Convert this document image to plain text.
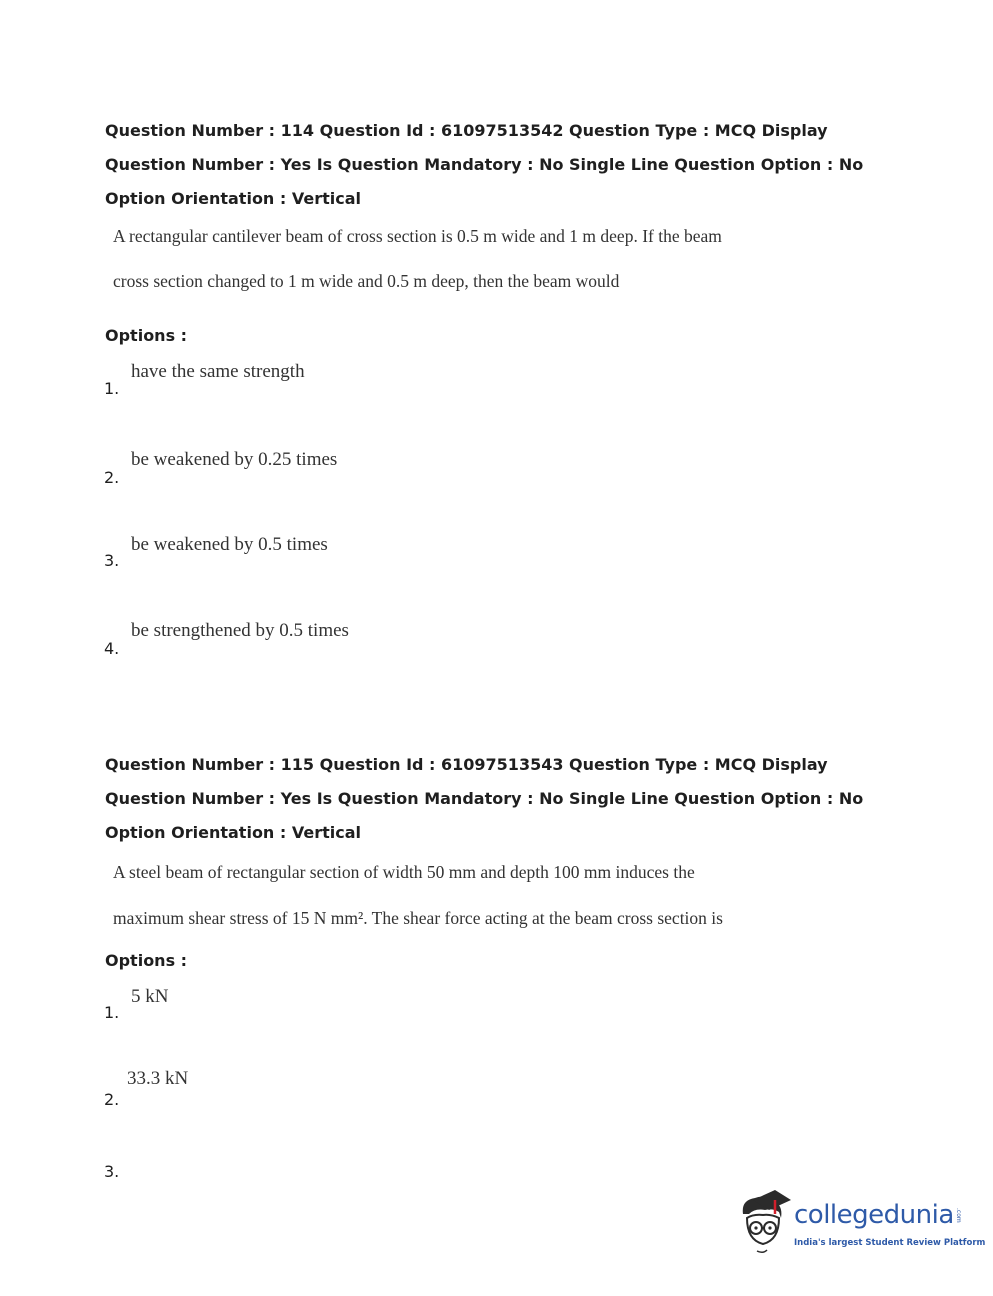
Question Number : 114 Question Id : 61097513542 Question Type : MCQ Display Question Number : Yes Is Question Mandatory : No Single Line Question Option : No Option Orientation : Vertical
A rectangular cantilever beam of cross section is 0.5 m wide and 1 m deep. If the beam
cross section changed to 1 m wide and 0.5 m deep, then the beam would
Options :
have the same strength
1.
be weakened by 0.25 times
2.
be weakened by 0.5 times
3.
be strengthened by 0.5 times
4.
Question Number : 115 Question Id : 61097513543 Question Type : MCQ Display Question Number : Yes Is Question Mandatory : No Single Line Question Option : No Option Orientation : Vertical
A steel beam of rectangular section of width 50 mm and depth 100 mm induces the
maximum shear stress of 15 N mm². The shear force acting at the beam cross section is
Options :
5 kN
1.
33.3 kN
2.
3.
collegedunia .com
India's largest Student Review Platform
